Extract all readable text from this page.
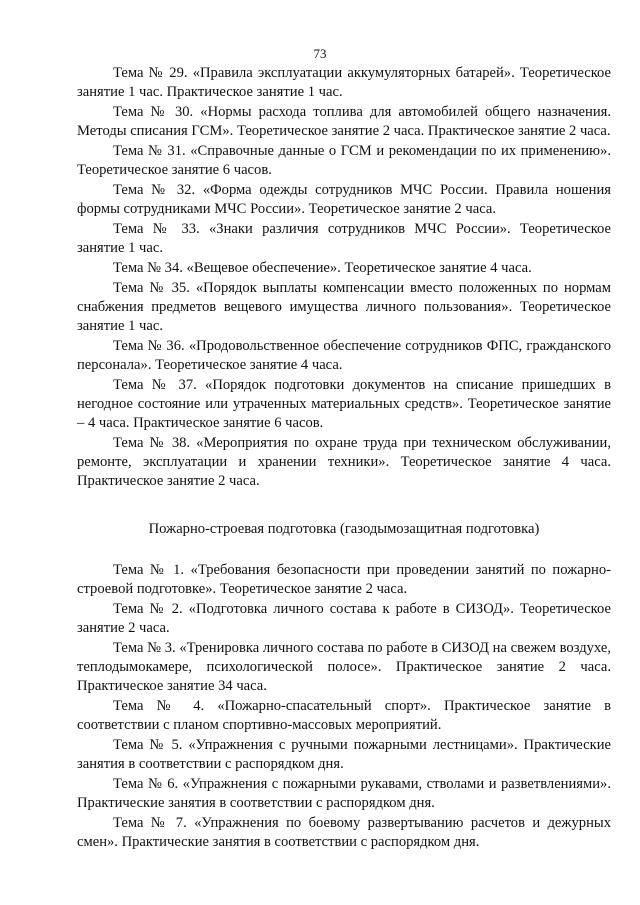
73

Тема № 29. «Правила эксплуатации аккумуляторных батарей». Теоретическое занятие 1 час. Практическое занятие 1 час.

Тема № 30. «Нормы расхода топлива для автомобилей общего назначения. Методы списания ГСМ». Теоретическое занятие 2 часа. Практическое занятие 2 часа.

Тема № 31. «Справочные данные о ГСМ и рекомендации по их применению». Теоретическое занятие 6 часов.

Тема № 32. «Форма одежды сотрудников МЧС России. Правила ношения формы сотрудниками МЧС России». Теоретическое занятие 2 часа.

Тема № 33. «Знаки различия сотрудников МЧС России». Теоретическое занятие 1 час.

Тема № 34. «Вещевое обеспечение». Теоретическое занятие 4 часа.

Тема № 35. «Порядок выплаты компенсации вместо положенных по нормам снабжения предметов вещевого имущества личного пользования». Теоретическое занятие 1 час.

Тема № 36. «Продовольственное обеспечение сотрудников ФПС, гражданского персонала». Теоретическое занятие 4 часа.

Тема № 37. «Порядок подготовки документов на списание пришедших в негодное состояние или утраченных материальных средств». Теоретическое занятие – 4 часа. Практическое занятие 6 часов.

Тема № 38. «Мероприятия по охране труда при техническом обслуживании, ремонте, эксплуатации и хранении техники». Теоретическое занятие 4 часа. Практическое занятие 2 часа.

Пожарно-строевая подготовка (газодымозащитная подготовка)

Тема № 1. «Требования безопасности при проведении занятий по пожарно-строевой подготовке». Теоретическое занятие 2 часа.

Тема № 2. «Подготовка личного состава к работе в СИЗОД». Теоретическое занятие 2 часа.

Тема № 3. «Тренировка личного состава по работе в СИЗОД на свежем воздухе, теплодымокамере, психологической полосе». Практическое занятие 2 часа. Практическое занятие 34 часа.

Тема № 4. «Пожарно-спасательный спорт». Практическое занятие в соответствии с планом спортивно-массовых мероприятий.

Тема № 5. «Упражнения с ручными пожарными лестницами». Практические занятия в соответствии с распорядком дня.

Тема № 6. «Упражнения с пожарными рукавами, стволами и разветвлениями». Практические занятия в соответствии с распорядком дня.

Тема № 7. «Упражнения по боевому развертыванию расчетов и дежурных смен». Практические занятия в соответствии с распорядком дня.
